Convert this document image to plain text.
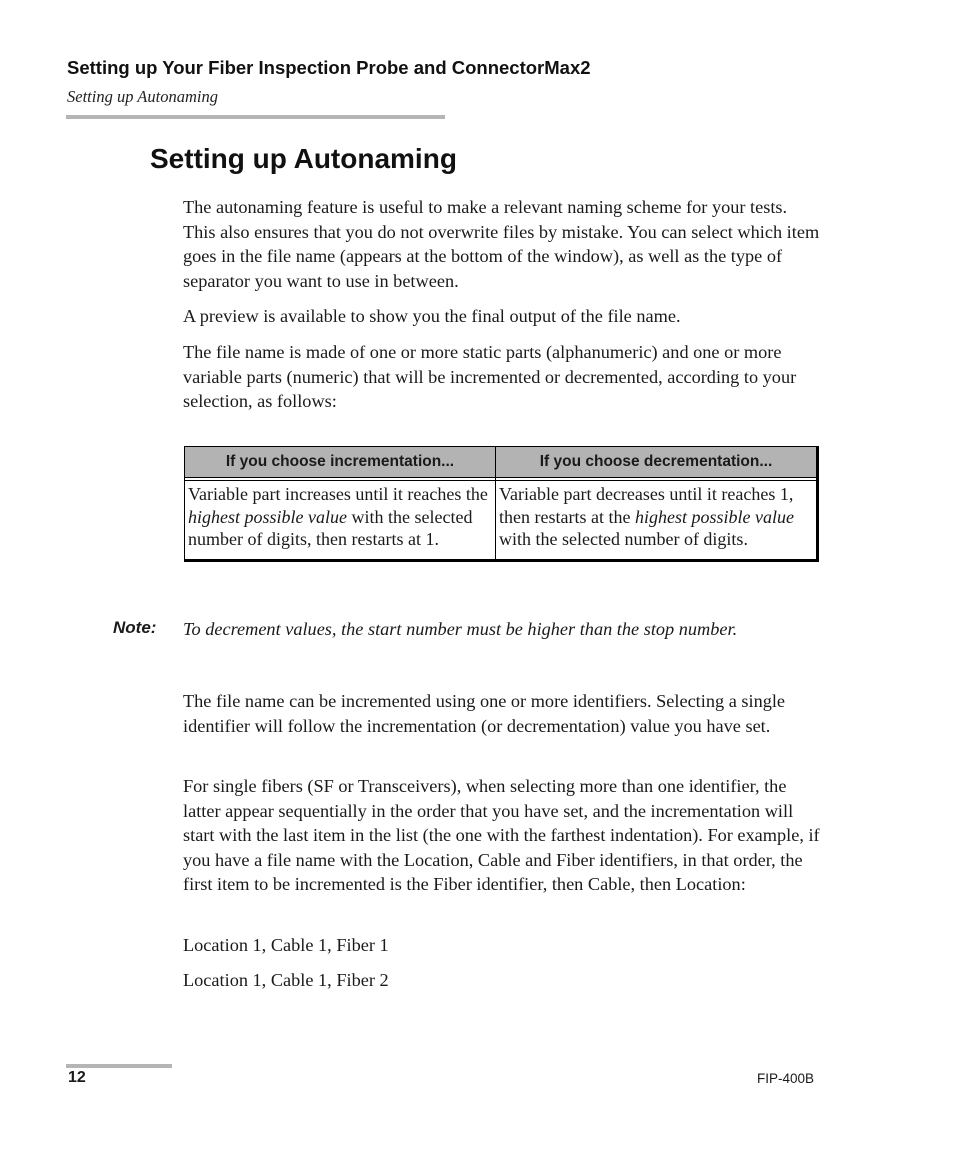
Setting up Your Fiber Inspection Probe and ConnectorMax2
Setting up Autonaming
Setting up Autonaming

The autonaming feature is useful to make a relevant naming scheme for your tests. This also ensures that you do not overwrite files by mistake. You can select which item goes in the file name (appears at the bottom of the window), as well as the type of separator you want to use in between.

A preview is available to show you the final output of the file name.

The file name is made of one or more static parts (alphanumeric) and one or more variable parts (numeric) that will be incremented or decremented, according to your selection, as follows:

If you choose incrementation...	If you choose decrementation...

Variable part increases until it reaches the highest possible value with the selected number of digits, then restarts at 1.	Variable part decreases until it reaches 1, then restarts at the highest possible value with the selected number of digits.
Note: To decrement values, the start number must be higher than the stop number.

The file name can be incremented using one or more identifiers. Selecting a single identifier will follow the incrementation (or decrementation) value you have set.

For single fibers (SF or Transceivers), when selecting more than one identifier, the latter appear sequentially in the order that you have set, and the incrementation will start with the last item in the list (the one with the farthest indentation). For example, if you have a file name with the Location, Cable and Fiber identifiers, in that order, the first item to be incremented is the Fiber identifier, then Cable, then Location:

Location 1, Cable 1, Fiber 1

Location 1, Cable 1, Fiber 2

12	FIP-400B
